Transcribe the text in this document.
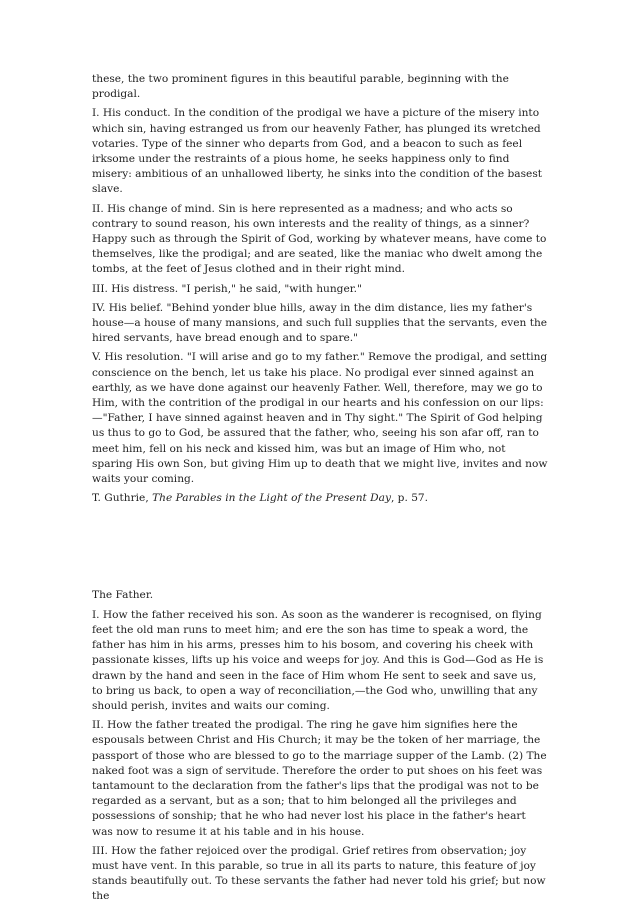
these, the two prominent figures in this beautiful parable, beginning with the prodigal.

I. His conduct. In the condition of the prodigal we have a picture of the misery into which sin, having estranged us from our heavenly Father, has plunged its wretched votaries. Type of the sinner who departs from God, and a beacon to such as feel irksome under the restraints of a pious home, he seeks happiness only to find misery: ambitious of an unhallowed liberty, he sinks into the condition of the basest slave.

II. His change of mind. Sin is here represented as a madness; and who acts so contrary to sound reason, his own interests and the reality of things, as a sinner? Happy such as through the Spirit of God, working by whatever means, have come to themselves, like the prodigal; and are seated, like the maniac who dwelt among the tombs, at the feet of Jesus clothed and in their right mind.

III. His distress. "I perish," he said, "with hunger."

IV. His belief. "Behind yonder blue hills, away in the dim distance, lies my father's house—a house of many mansions, and such full supplies that the servants, even the hired servants, have bread enough and to spare."

V. His resolution. "I will arise and go to my father." Remove the prodigal, and setting conscience on the bench, let us take his place. No prodigal ever sinned against an earthly, as we have done against our heavenly Father. Well, therefore, may we go to Him, with the contrition of the prodigal in our hearts and his confession on our lips:—"Father, I have sinned against heaven and in Thy sight." The Spirit of God helping us thus to go to God, be assured that the father, who, seeing his son afar off, ran to meet him, fell on his neck and kissed him, was but an image of Him who, not sparing His own Son, but giving Him up to death that we might live, invites and now waits your coming.

T. Guthrie, The Parables in the Light of the Present Day, p. 57.

The Father.

I. How the father received his son. As soon as the wanderer is recognised, on flying feet the old man runs to meet him; and ere the son has time to speak a word, the father has him in his arms, presses him to his bosom, and covering his cheek with passionate kisses, lifts up his voice and weeps for joy. And this is God—God as He is drawn by the hand and seen in the face of Him whom He sent to seek and save us, to bring us back, to open a way of reconciliation,—the God who, unwilling that any should perish, invites and waits our coming.

II. How the father treated the prodigal. The ring he gave him signifies here the espousals between Christ and His Church; it may be the token of her marriage, the passport of those who are blessed to go to the marriage supper of the Lamb. (2) The naked foot was a sign of servitude. Therefore the order to put shoes on his feet was tantamount to the declaration from the father's lips that the prodigal was not to be regarded as a servant, but as a son; that to him belonged all the privileges and possessions of sonship; that he who had never lost his place in the father's heart was now to resume it at his table and in his house.

III. How the father rejoiced over the prodigal. Grief retires from observation; joy must have vent. In this parable, so true in all its parts to nature, this feature of joy stands beautifully out. To these servants the father had never told his grief; but now the
